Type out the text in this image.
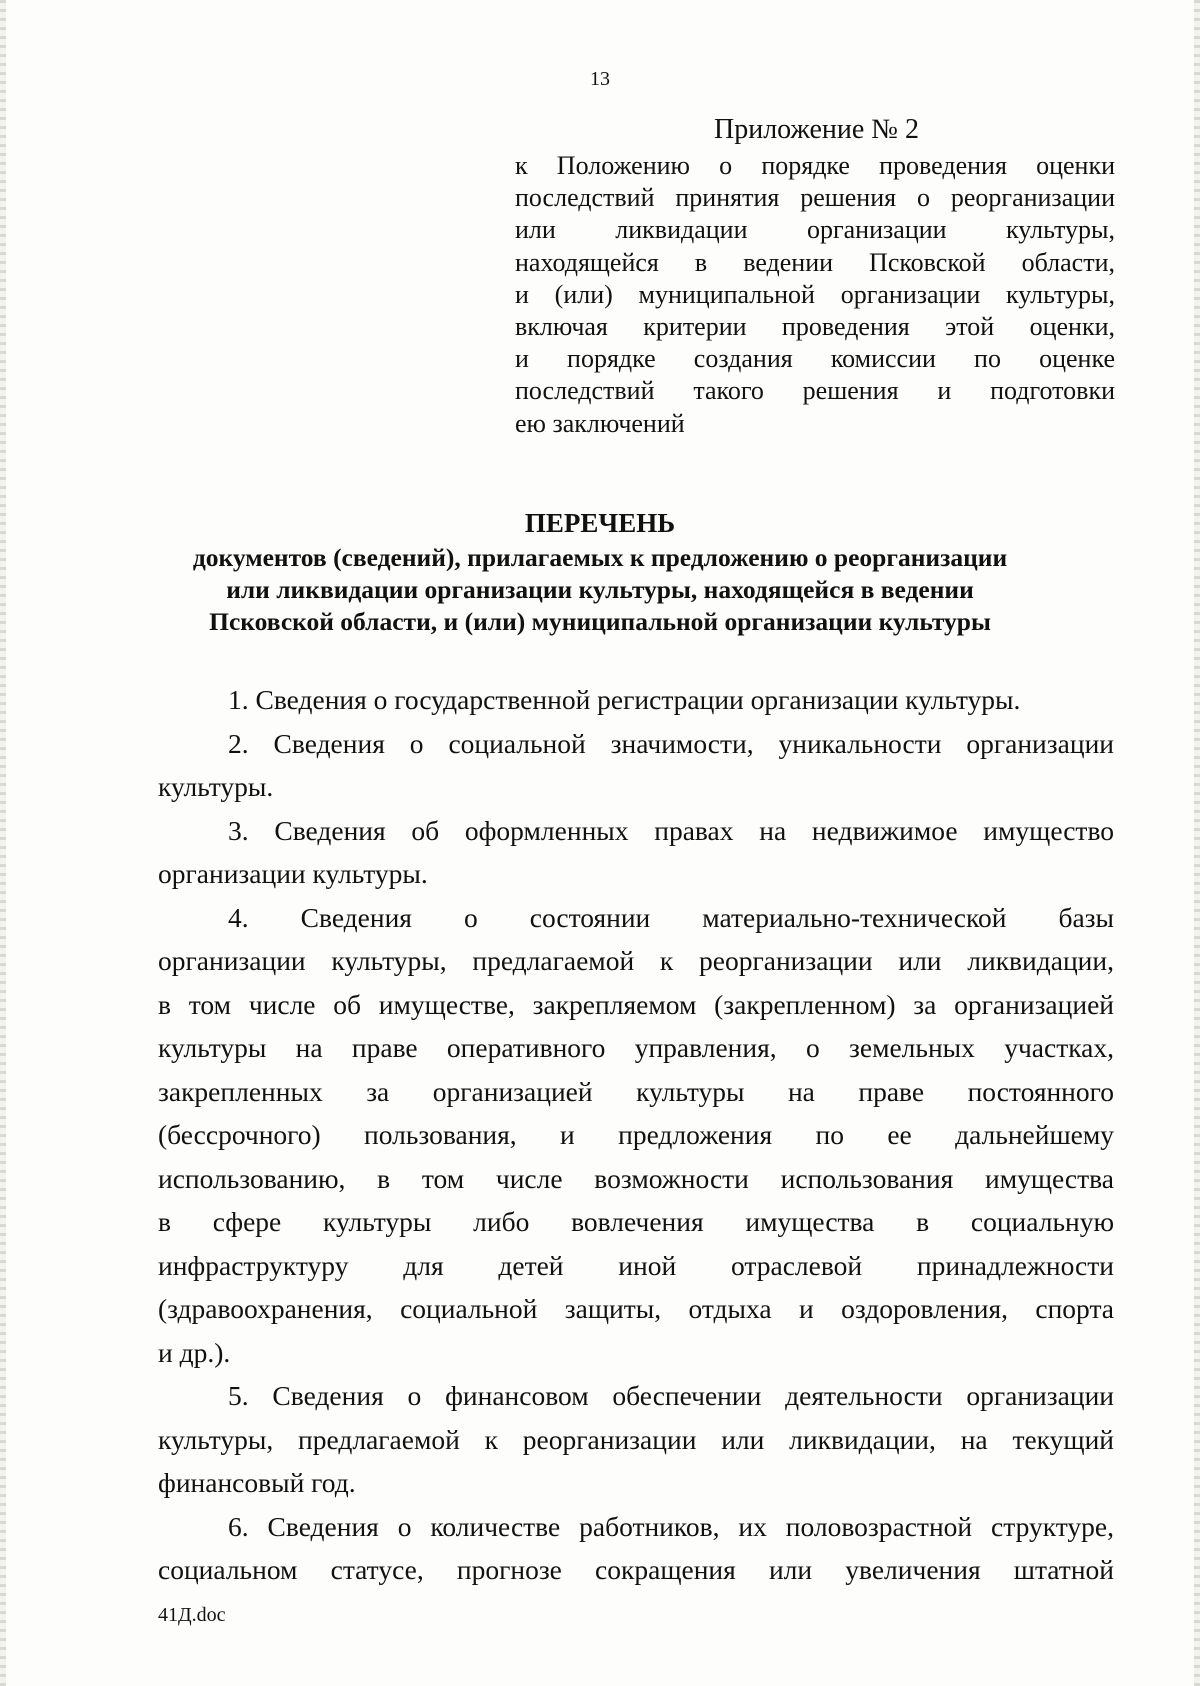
13
Приложение № 2
к Положению о порядке проведения оценки
последствий принятия решения о реорганизации
или ликвидации организации культуры,
находящейся в ведении Псковской области,
и (или) муниципальной организации культуры,
включая критерии проведения этой оценки,
и порядке создания комиссии по оценке
последствий такого решения и подготовки
ею заключений
ПЕРЕЧЕНЬ
документов (сведений), прилагаемых к предложению о реорганизации
или ликвидации организации культуры, находящейся в ведении
Псковской области, и (или) муниципальной организации культуры
1. Сведения о государственной регистрации организации культуры.
2. Сведения о социальной значимости, уникальности организации
культуры.
3. Сведения об оформленных правах на недвижимое имущество
организации культуры.
4. Сведения о состоянии материально-технической базы
организации культуры, предлагаемой к реорганизации или ликвидации,
в том числе об имуществе, закрепляемом (закрепленном) за организацией
культуры на праве оперативного управления, о земельных участках,
закрепленных за организацией культуры на праве постоянного
(бессрочного) пользования, и предложения по ее дальнейшему
использованию, в том числе возможности использования имущества
в сфере культуры либо вовлечения имущества в социальную
инфраструктуру для детей иной отраслевой принадлежности
(здравоохранения, социальной защиты, отдыха и оздоровления, спорта
и др.).
5. Сведения о финансовом обеспечении деятельности организации
культуры, предлагаемой к реорганизации или ликвидации, на текущий
финансовый год.
6. Сведения о количестве работников, их половозрастной структуре,
социальном статусе, прогнозе сокращения или увеличения штатной
41Д.doc
